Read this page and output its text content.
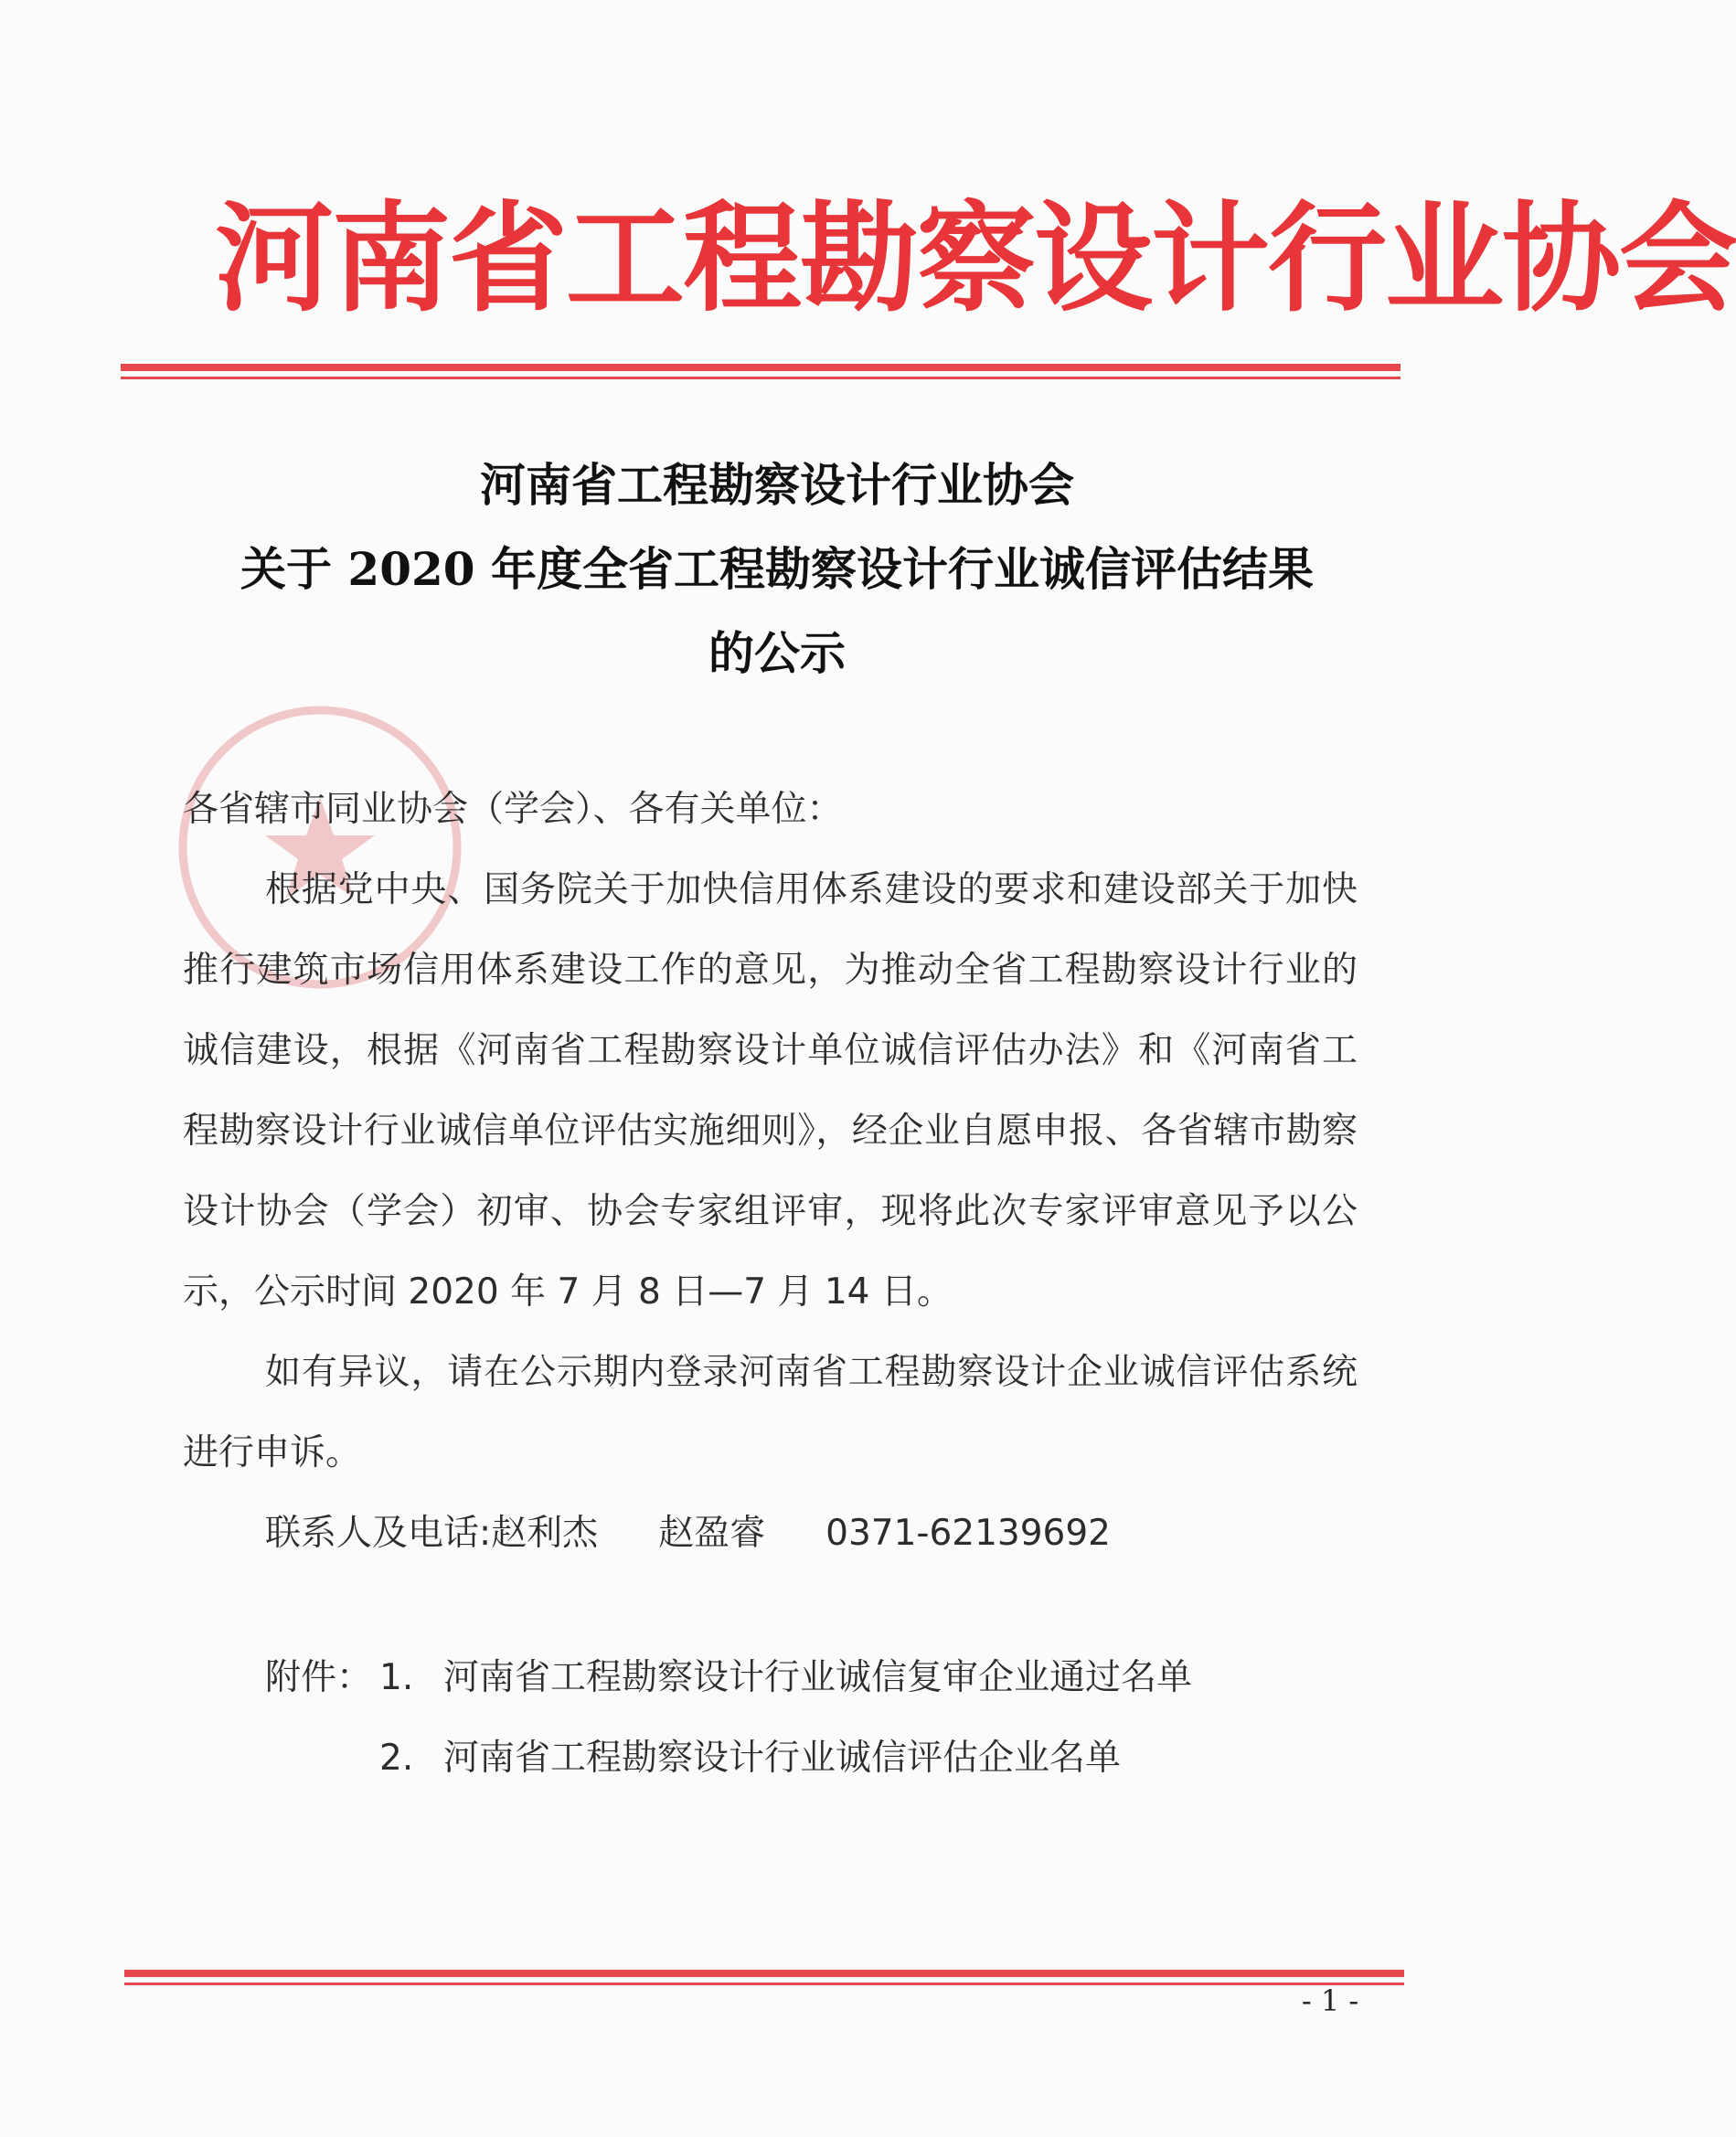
河南省工程勘察设计行业协会
河南省工程勘察设计行业协会
关于 2020 年度全省工程勘察设计行业诚信评估结果
的公示
各省辖市同业协会（学会）、各有关单位：
根据党中央、国务院关于加快信用体系建设的要求和建设部关于加快推行建筑市场信用体系建设工作的意见，为推动全省工程勘察设计行业的诚信建设，根据《河南省工程勘察设计单位诚信评估办法》和《河南省工程勘察设计行业诚信单位评估实施细则》，经企业自愿申报、各省辖市勘察设计协会（学会）初审、协会专家组评审，现将此次专家评审意见予以公示，公示时间 2020 年 7 月 8 日—7 月 14 日。
如有异议，请在公示期内登录河南省工程勘察设计企业诚信评估系统进行申诉。
联系人及电话:赵利杰 赵盈睿 0371-62139692
附件： 1. 河南省工程勘察设计行业诚信复审企业通过名单
2. 河南省工程勘察设计行业诚信评估企业名单
- 1 -
